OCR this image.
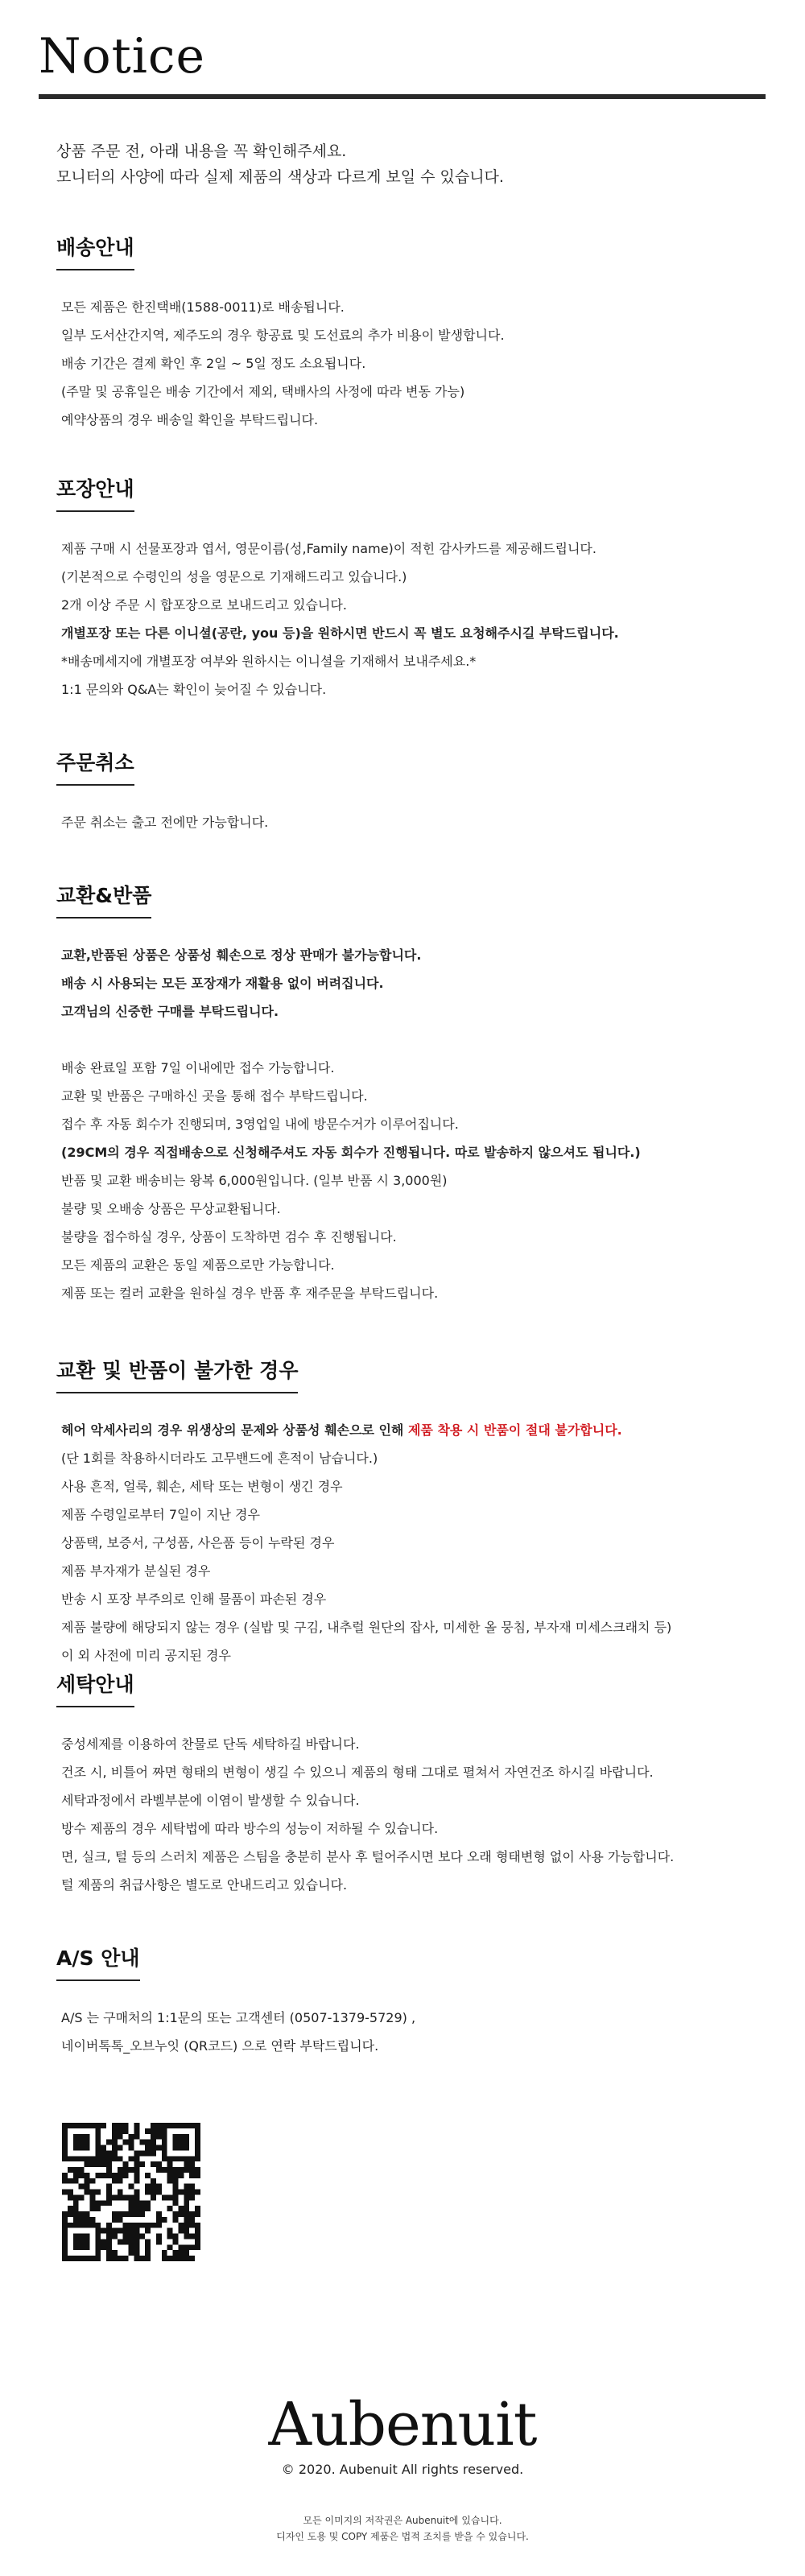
Notice
상품 주문 전, 아래 내용을 꼭 확인해주세요.
모니터의 사양에 따라 실제 제품의 색상과 다르게 보일 수 있습니다.
배송안내
모든 제품은 한진택배(1588-0011)로 배송됩니다.
일부 도서산간지역, 제주도의 경우 항공료 및 도선료의 추가 비용이 발생합니다.
배송 기간은 결제 확인 후 2일 ~ 5일 정도 소요됩니다.
(주말 및 공휴일은 배송 기간에서 제외, 택배사의 사정에 따라 변동 가능)
예약상품의 경우 배송일 확인을 부탁드립니다.
포장안내
제품 구매 시 선물포장과 엽서, 영문이름(성,Family name)이 적힌 감사카드를 제공해드립니다.
(기본적으로 수령인의 성을 영문으로 기재해드리고 있습니다.)
2개 이상 주문 시 합포장으로 보내드리고 있습니다.
개별포장 또는 다른 이니셜(공란, you 등)을 원하시면 반드시 꼭 별도 요청해주시길 부탁드립니다.
*배송메세지에 개별포장 여부와 원하시는 이니셜을 기재해서 보내주세요.*
1:1 문의와 Q&A는 확인이 늦어질 수 있습니다.
주문취소
주문 취소는 출고 전에만 가능합니다.
교환&반품
교환,반품된 상품은 상품성 훼손으로 정상 판매가 불가능합니다.
배송 시 사용되는 모든 포장재가 재활용 없이 버려집니다.
고객님의 신중한 구매를 부탁드립니다.
배송 완료일 포함 7일 이내에만 접수 가능합니다.
교환 및 반품은 구매하신 곳을 통해 접수 부탁드립니다.
접수 후 자동 회수가 진행되며, 3영업일 내에 방문수거가 이루어집니다.
(29CM의 경우 직접배송으로 신청해주셔도 자동 회수가 진행됩니다. 따로 발송하지 않으셔도 됩니다.)
반품 및 교환 배송비는 왕복 6,000원입니다. (일부 반품 시 3,000원)
불량 및 오배송 상품은 무상교환됩니다.
불량을 접수하실 경우, 상품이 도착하면 검수 후 진행됩니다.
모든 제품의 교환은 동일 제품으로만 가능합니다.
제품 또는 컬러 교환을 원하실 경우 반품 후 재주문을 부탁드립니다.
교환 및 반품이 불가한 경우
헤어 악세사리의 경우 위생상의 문제와 상품성 훼손으로 인해 제품 착용 시 반품이 절대 불가합니다.
(단 1회를 착용하시더라도 고무밴드에 흔적이 남습니다.)
사용 흔적, 얼룩, 훼손, 세탁 또는 변형이 생긴 경우
제품 수령일로부터 7일이 지난 경우
상품택, 보증서, 구성품, 사은품 등이 누락된 경우
제품 부자재가 분실된 경우
반송 시 포장 부주의로 인해 물품이 파손된 경우
제품 불량에 해당되지 않는 경우 (실밥 및 구김, 내추럴 원단의 잡사, 미세한 올 뭉침, 부자재 미세스크래치 등)
이 외 사전에 미리 공지된 경우
세탁안내
중성세제를 이용하여 찬물로 단독 세탁하길 바랍니다.
건조 시, 비틀어 짜면 형태의 변형이 생길 수 있으니 제품의 형태 그대로 펼쳐서 자연건조 하시길 바랍니다.
세탁과정에서 라벨부분에 이염이 발생할 수 있습니다.
방수 제품의 경우 세탁법에 따라 방수의 성능이 저하될 수 있습니다.
면, 실크, 털 등의 스러치 제품은 스팀을 충분히 분사 후 털어주시면 보다 오래 형태변형 없이 사용 가능합니다.
털 제품의 취급사항은 별도로 안내드리고 있습니다.
A/S 안내
A/S 는 구매처의 1:1문의 또는 고객센터 (0507-1379-5729) ,
네이버톡톡_오브누잇 (QR코드) 으로 연락 부탁드립니다.
Aubenuit
© 2020. Aubenuit All rights reserved.
모든 이미지의 저작권은 Aubenuit에 있습니다.
디자인 도용 및 COPY 제품은 법적 조치를 받을 수 있습니다.
